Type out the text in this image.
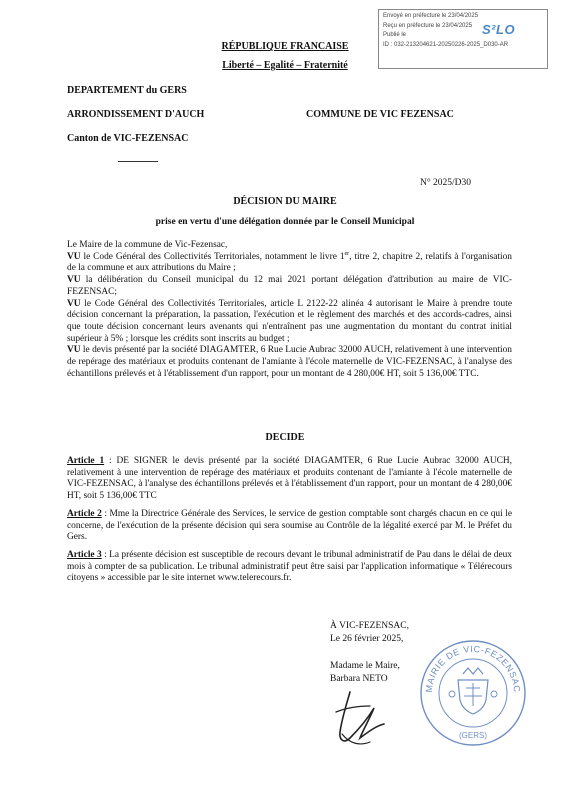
Envoyé en préfecture le 23/04/2025
Reçu en préfecture le 23/04/2025
Publié le
ID : 032-213204621-20250226-2025_D030-AR
S²LO
RÉPUBLIQUE FRANCAISE
Liberté – Egalité – Fraternité
DEPARTEMENT du GERS
ARRONDISSEMENT D'AUCH	COMMUNE DE VIC FEZENSAC
Canton de VIC-FEZENSAC
N° 2025/D30
DÉCISION DU MAIRE
prise en vertu d'une délégation donnée par le Conseil Municipal

Le Maire de la commune de Vic-Fezensac,

VU le Code Général des Collectivités Territoriales, notamment le livre 1er, titre 2, chapitre 2, relatifs à l'organisation de la commune et aux attributions du Maire ;

VU la délibération du Conseil municipal du 12 mai 2021 portant délégation d'attribution au maire de VIC-FEZENSAC;

VU le Code Général des Collectivités Territoriales, article L 2122-22 alinéa 4 autorisant le Maire à prendre toute décision concernant la préparation, la passation, l'exécution et le règlement des marchés et des accords-cadres, ainsi que toute décision concernant leurs avenants qui n'entraînent pas une augmentation du montant du contrat initial supérieur à 5% ; lorsque les crédits sont inscrits au budget ;

VU le devis présenté par la société DIAGAMTER, 6 Rue Lucie Aubrac 32000 AUCH, relativement à une intervention de repérage des matériaux et produits contenant de l'amiante à l'école maternelle de VIC-FEZENSAC, à l'analyse des échantillons prélevés et à l'établissement d'un rapport, pour un montant de 4 280,00€ HT, soit 5 136,00€ TTC.

DECIDE

Article 1 : DE SIGNER le devis présenté par la société DIAGAMTER, 6 Rue Lucie Aubrac 32000 AUCH, relativement à une intervention de repérage des matériaux et produits contenant de l'amiante à l'école maternelle de VIC-FEZENSAC, à l'analyse des échantillons prélevés et à l'établissement d'un rapport, pour un montant de 4 280,00€ HT, soit 5 136,00€ TTC

Article 2 : Mme la Directrice Générale des Services, le service de gestion comptable sont chargés chacun en ce qui le concerne, de l'exécution de la présente décision qui sera soumise au Contrôle de la légalité exercé par M. le Préfet du Gers.

Article 3 : La présente décision est susceptible de recours devant le tribunal administratif de Pau dans le délai de deux mois à compter de sa publication. Le tribunal administratif peut être saisi par l'application informatique « Télérecours citoyens » accessible par le site internet www.telerecours.fr.

À VIC-FEZENSAC,
Le 26 février 2025,
Madame le Maire,
Barbara NETO
MAIRIE DE VIC-FEZENSAC
(GERS)
